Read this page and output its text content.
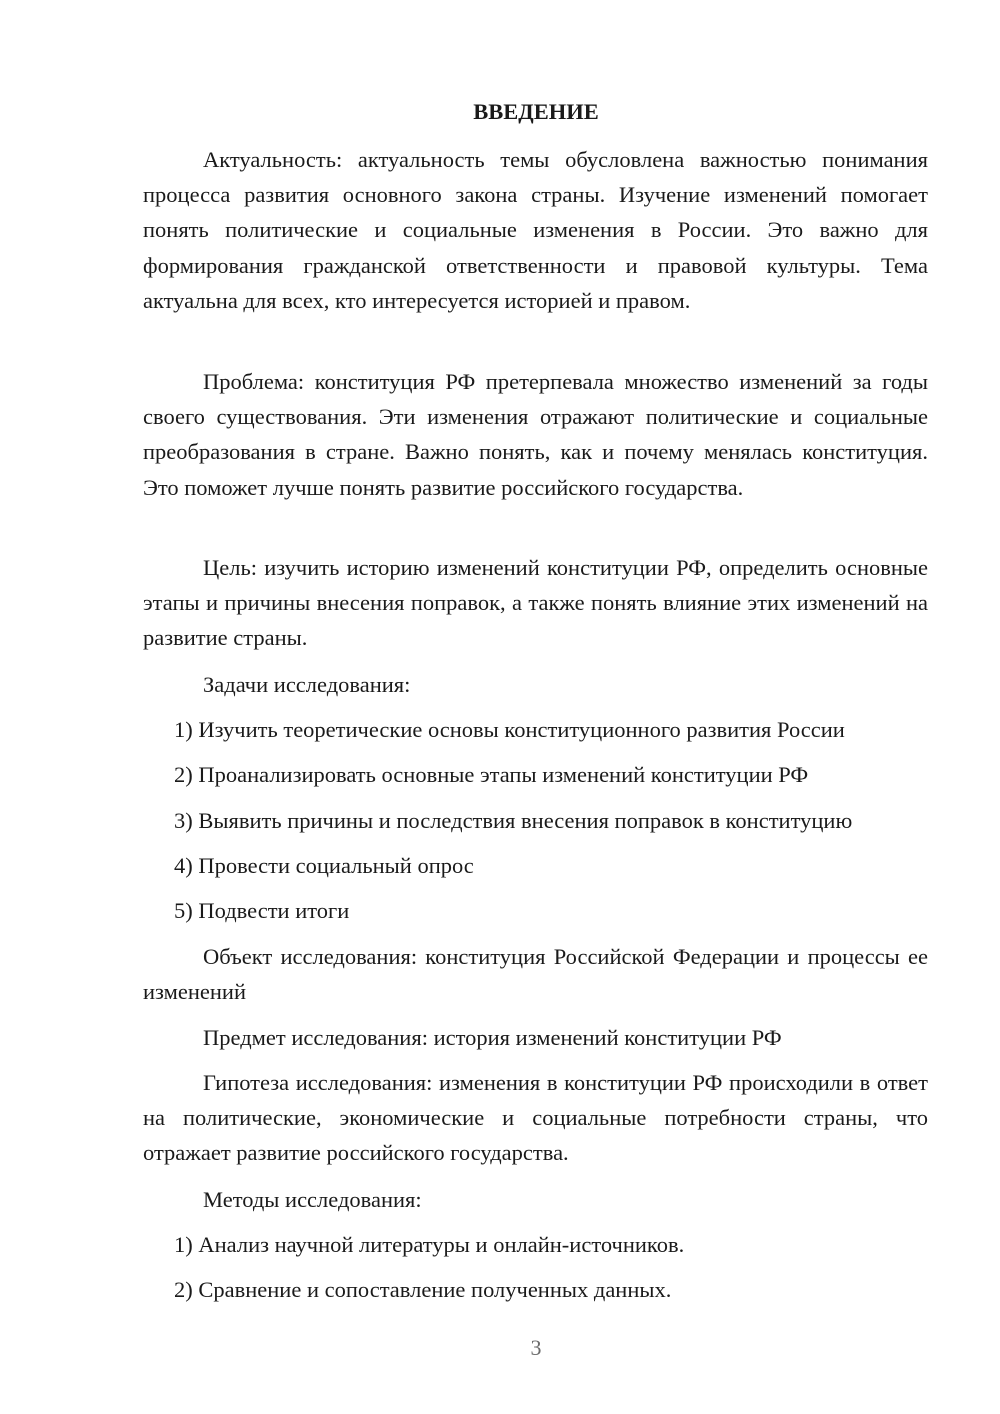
ВВЕДЕНИЕ

Актуальность: актуальность темы обусловлена важностью понимания процесса развития основного закона страны. Изучение изменений помогает понять политические и социальные изменения в России. Это важно для формирования гражданской ответственности и правовой культуры. Тема актуальна для всех, кто интересуется историей и правом.

Проблема: конституция РФ претерпевала множество изменений за годы своего существования. Эти изменения отражают политические и социальные преобразования в стране. Важно понять, как и почему менялась конституция. Это поможет лучше понять развитие российского государства.

Цель: изучить историю изменений конституции РФ, определить основные этапы и причины внесения поправок, а также понять влияние этих изменений на развитие страны.

Задачи исследования:

1) Изучить теоретические основы конституционного развития России

2) Проанализировать основные этапы изменений конституции РФ

3) Выявить причины и последствия внесения поправок в конституцию

4) Провести социальный опрос

5) Подвести итоги

Объект исследования: конституция Российской Федерации и процессы ее изменений

Предмет исследования: история изменений конституции РФ

Гипотеза исследования: изменения в конституции РФ происходили в ответ на политические, экономические и социальные потребности страны, что отражает развитие российского государства.

Методы исследования:

1) Анализ научной литературы и онлайн-источников.

2) Сравнение и сопоставление полученных данных.

3
